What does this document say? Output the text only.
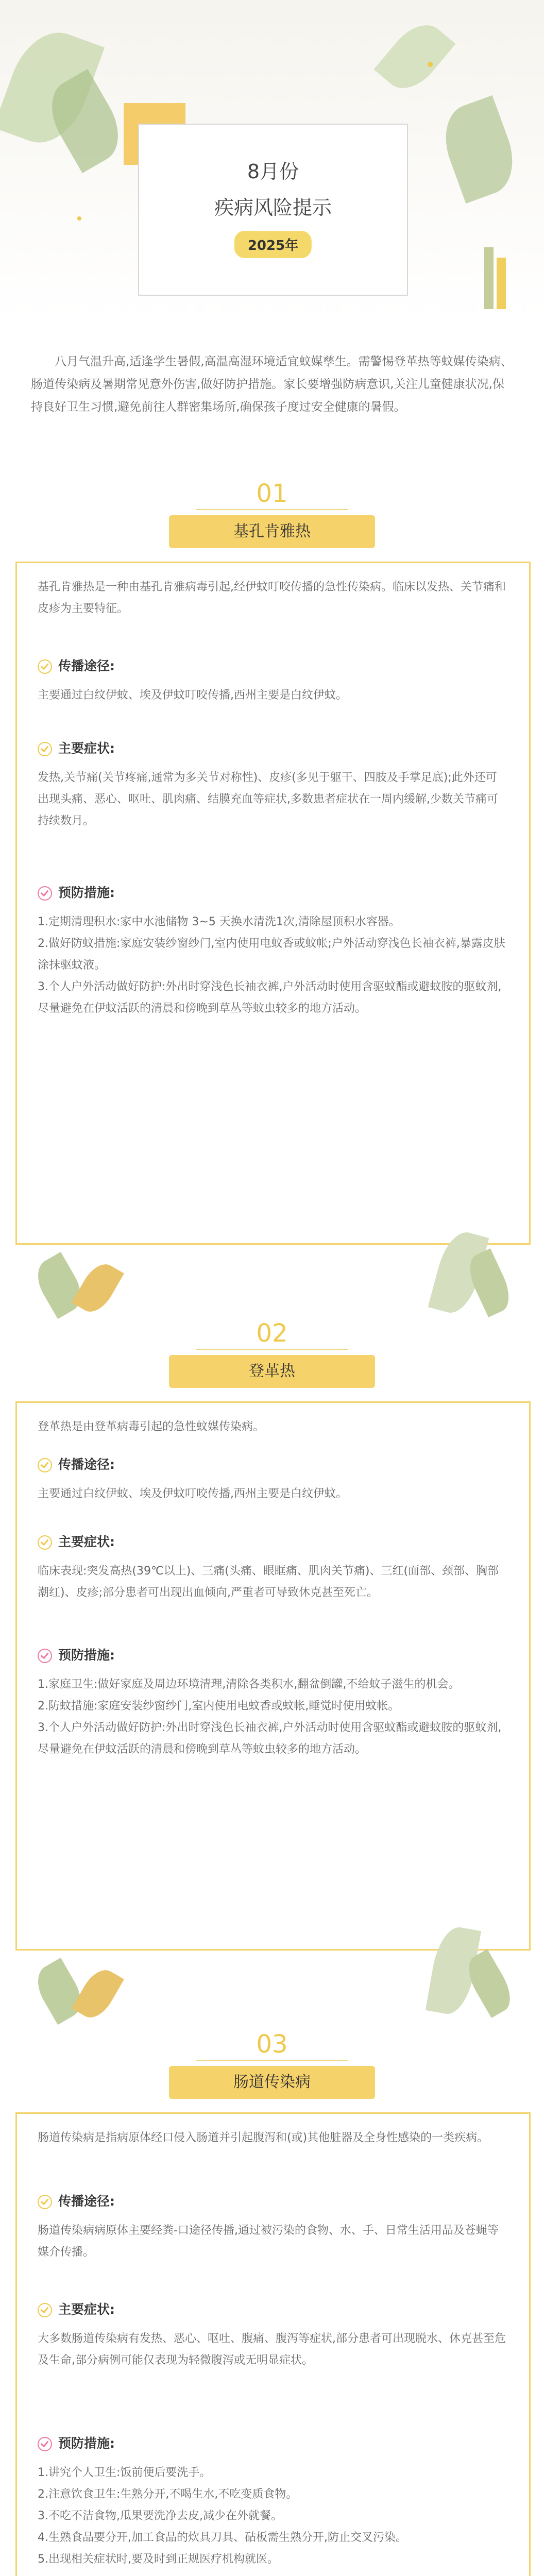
8月份
疾病风险提示
2025年
八月气温升高,适逢学生暑假,高温高湿环境适宜蚊媒孳生。需警惕登革热等蚊媒传染病、肠道传染病及暑期常见意外伤害,做好防护措施。家长要增强防病意识,关注儿童健康状况,保持良好卫生习惯,避免前往人群密集场所,确保孩子度过安全健康的暑假。
01
基孔肯雅热
基孔肯雅热是一种由基孔肯雅病毒引起,经伊蚊叮咬传播的急性传染病。临床以发热、关节痛和皮疹为主要特征。
传播途径:
主要通过白纹伊蚊、埃及伊蚊叮咬传播,西州主要是白纹伊蚊。
主要症状:
发热,关节痛(关节疼痛,通常为多关节对称性)、皮疹(多见于躯干、四肢及手掌足底);此外还可出现头痛、恶心、呕吐、肌肉痛、结膜充血等症状,多数患者症状在一周内缓解,少数关节痛可持续数月。
预防措施:
1.定期清理积水:家中水池储物 3~5 天换水清洗1次,清除屋顶积水容器。
2.做好防蚊措施:家庭安装纱窗纱门,室内使用电蚊香或蚊帐;户外活动穿浅色长袖衣裤,暴露皮肤涂抹驱蚊液。
3.个人户外活动做好防护:外出时穿浅色长袖衣裤,户外活动时使用含驱蚊酯或避蚊胺的驱蚊剂,尽量避免在伊蚊活跃的清晨和傍晚到草丛等蚊虫较多的地方活动。
02
登革热
登革热是由登革病毒引起的急性蚊媒传染病。
传播途径:
主要通过白纹伊蚊、埃及伊蚊叮咬传播,西州主要是白纹伊蚊。
主要症状:
临床表现:突发高热(39℃以上)、三痛(头痛、眼眶痛、肌肉关节痛)、三红(面部、颈部、胸部潮红)、皮疹;部分患者可出现出血倾向,严重者可导致休克甚至死亡。
预防措施:
1.家庭卫生:做好家庭及周边环境清理,清除各类积水,翻盆倒罐,不给蚊子滋生的机会。
2.防蚊措施:家庭安装纱窗纱门,室内使用电蚊香或蚊帐,睡觉时使用蚊帐。
3.个人户外活动做好防护:外出时穿浅色长袖衣裤,户外活动时使用含驱蚊酯或避蚊胺的驱蚊剂,尽量避免在伊蚊活跃的清晨和傍晚到草丛等蚊虫较多的地方活动。
03
肠道传染病
肠道传染病是指病原体经口侵入肠道并引起腹泻和(或)其他脏器及全身性感染的一类疾病。
传播途径:
肠道传染病病原体主要经粪-口途径传播,通过被污染的食物、水、手、日常生活用品及苍蝇等媒介传播。
主要症状:
大多数肠道传染病有发热、恶心、呕吐、腹痛、腹泻等症状,部分患者可出现脱水、休克甚至危及生命,部分病例可能仅表现为轻微腹泻或无明显症状。
预防措施:
1.讲究个人卫生:饭前便后要洗手。
2.注意饮食卫生:生熟分开,不喝生水,不吃变质食物。
3.不吃不洁食物,瓜果要洗净去皮,减少在外就餐。
4.生熟食品要分开,加工食品的炊具刀具、砧板需生熟分开,防止交叉污染。
5.出现相关症状时,要及时到正规医疗机构就医。
